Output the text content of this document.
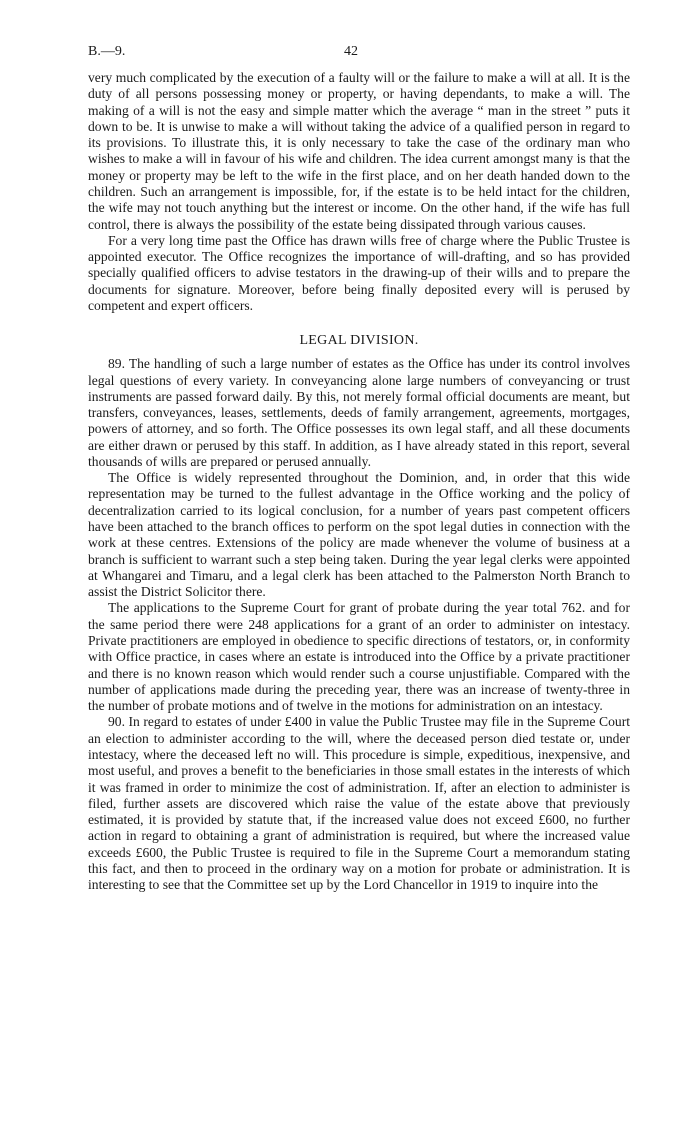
B.—9.	42

very much complicated by the execution of a faulty will or the failure to make a will at all. It is the duty of all persons possessing money or property, or having dependants, to make a will. The making of a will is not the easy and simple matter which the average “ man in the street ” puts it down to be. It is unwise to make a will without taking the advice of a qualified person in regard to its provisions. To illustrate this, it is only necessary to take the case of the ordinary man who wishes to make a will in favour of his wife and children. The idea current amongst many is that the money or property may be left to the wife in the first place, and on her death handed down to the children. Such an arrangement is impossible, for, if the estate is to be held intact for the children, the wife may not touch anything but the interest or income. On the other hand, if the wife has full control, there is always the possibility of the estate being dissipated through various causes.

For a very long time past the Office has drawn wills free of charge where the Public Trustee is appointed executor. The Office recognizes the importance of will-drafting, and so has provided specially qualified officers to advise testators in the drawing-up of their wills and to prepare the documents for signature. Moreover, before being finally deposited every will is perused by competent and expert officers.

LEGAL DIVISION.

89. The handling of such a large number of estates as the Office has under its control involves legal questions of every variety. In conveyancing alone large numbers of conveyancing or trust instruments are passed forward daily. By this, not merely formal official documents are meant, but transfers, conveyances, leases, settlements, deeds of family arrangement, agreements, mortgages, powers of attorney, and so forth. The Office possesses its own legal staff, and all these documents are either drawn or perused by this staff. In addition, as I have already stated in this report, several thousands of wills are prepared or perused annually.

The Office is widely represented throughout the Dominion, and, in order that this wide representation may be turned to the fullest advantage in the Office working and the policy of decentralization carried to its logical conclusion, for a number of years past competent officers have been attached to the branch offices to perform on the spot legal duties in connection with the work at these centres. Extensions of the policy are made whenever the volume of business at a branch is sufficient to warrant such a step being taken. During the year legal clerks were appointed at Whangarei and Timaru, and a legal clerk has been attached to the Palmerston North Branch to assist the District Solicitor there.

The applications to the Supreme Court for grant of probate during the year total 762. and for the same period there were 248 applications for a grant of an order to administer on intestacy. Private practitioners are employed in obedience to specific directions of testators, or, in conformity with Office practice, in cases where an estate is introduced into the Office by a private practitioner and there is no known reason which would render such a course unjustifiable. Compared with the number of applications made during the preceding year, there was an increase of twenty-three in the number of probate motions and of twelve in the motions for administration on an intestacy.

90. In regard to estates of under £400 in value the Public Trustee may file in the Supreme Court an election to administer according to the will, where the deceased person died testate or, under intestacy, where the deceased left no will. This procedure is simple, expeditious, inexpensive, and most useful, and proves a benefit to the beneficiaries in those small estates in the interests of which it was framed in order to minimize the cost of administration. If, after an election to administer is filed, further assets are discovered which raise the value of the estate above that previously estimated, it is provided by statute that, if the increased value does not exceed £600, no further action in regard to obtaining a grant of administration is required, but where the increased value exceeds £600, the Public Trustee is required to file in the Supreme Court a memorandum stating this fact, and then to proceed in the ordinary way on a motion for probate or administration. It is interesting to see that the Committee set up by the Lord Chancellor in 1919 to inquire into the
